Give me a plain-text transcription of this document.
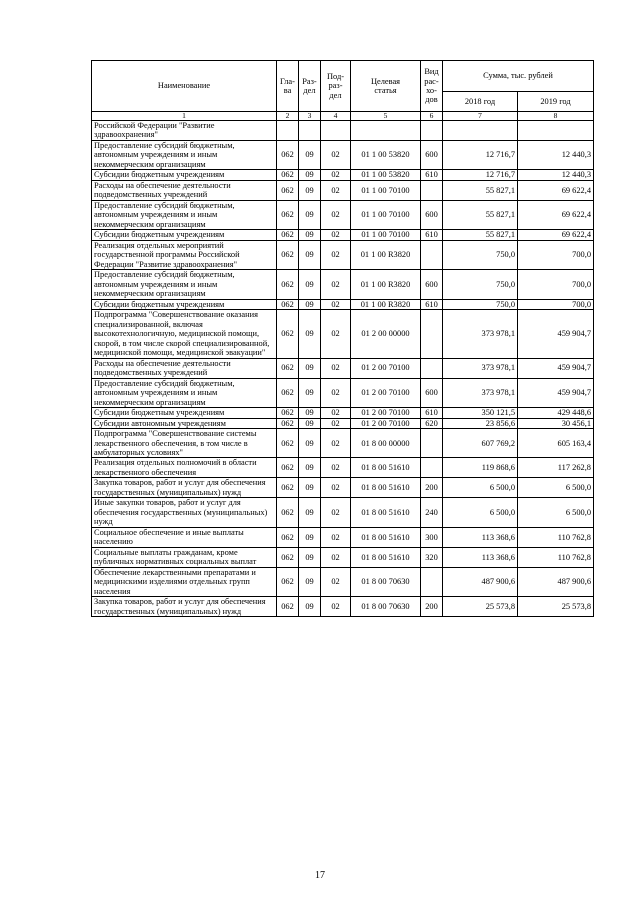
Наименование	Гла-
ва	Раз-
дел	Под-
раз-
дел	Целевая
статья	Вид
рас-
хо-
дов	Сумма, тыс. рублей	
						2018 год	2019 год
1	2	3	4	5	6	7	8
Российской Федерации "Развитие здравоохранения"							
Предоставление субсидий бюджетным, автономным учреждениям и иным некоммерческим организациям	062	09	02	01 1 00 53820	600	12 716,7	12 440,3
Субсидии бюджетным учреждениям	062	09	02	01 1 00 53820	610	12 716,7	12 440,3
Расходы на обеспечение деятельности подведомственных учреждений	062	09	02	01 1 00 70100		55 827,1	69 622,4
Предоставление субсидий бюджетным, автономным учреждениям и иным некоммерческим организациям	062	09	02	01 1 00 70100	600	55 827,1	69 622,4
Субсидии бюджетным учреждениям	062	09	02	01 1 00 70100	610	55 827,1	69 622,4
Реализация отдельных мероприятий государственной программы Российской Федерации "Развитие здравоохранения"	062	09	02	01 1 00 R3820		750,0	700,0
Предоставление субсидий бюджетным, автономным учреждениям и иным некоммерческим организациям	062	09	02	01 1 00 R3820	600	750,0	700,0
Субсидии бюджетным учреждениям	062	09	02	01 1 00 R3820	610	750,0	700,0
Подпрограмма "Совершенствование оказания специализированной, включая высокотехнологичную, медицинской помощи, скорой, в том числе скорой специализированной, медицинской помощи, медицинской эвакуации"	062	09	02	01 2 00 00000		373 978,1	459 904,7
Расходы на обеспечение деятельности подведомственных учреждений	062	09	02	01 2 00 70100		373 978,1	459 904,7
Предоставление субсидий бюджетным, автономным учреждениям и иным некоммерческим организациям	062	09	02	01 2 00 70100	600	373 978,1	459 904,7
Субсидии бюджетным учреждениям	062	09	02	01 2 00 70100	610	350 121,5	429 448,6
Субсидии автономным учреждениям	062	09	02	01 2 00 70100	620	23 856,6	30 456,1
Подпрограмма "Совершенствование системы лекарственного обеспечения, в том числе в амбулаторных условиях"	062	09	02	01 8 00 00000		607 769,2	605 163,4
Реализация отдельных полномочий в области лекарственного обеспечения	062	09	02	01 8 00 51610		119 868,6	117 262,8
Закупка товаров, работ и услуг для обеспечения государственных (муниципальных) нужд	062	09	02	01 8 00 51610	200	6 500,0	6 500,0
Иные закупки товаров, работ и услуг для обеспечения государственных (муниципальных) нужд	062	09	02	01 8 00 51610	240	6 500,0	6 500,0
Социальное обеспечение и иные выплаты населению	062	09	02	01 8 00 51610	300	113 368,6	110 762,8
Социальные выплаты гражданам, кроме публичных нормативных социальных выплат	062	09	02	01 8 00 51610	320	113 368,6	110 762,8
Обеспечение лекарственными препаратами и медицинскими изделиями отдельных групп населения	062	09	02	01 8 00 70630		487 900,6	487 900,6
Закупка товаров, работ и услуг для обеспечения государственных (муниципальных) нужд	062	09	02	01 8 00 70630	200	25 573,8	25 573,8
17
